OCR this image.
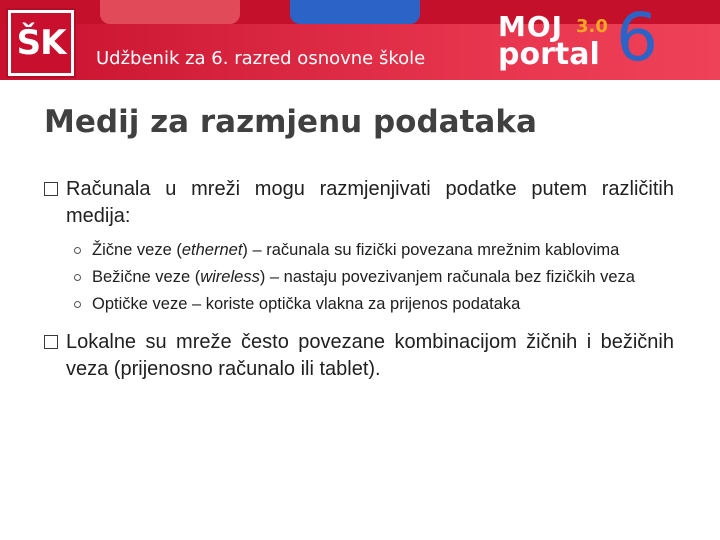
ŠK	Udžbenik za 6. razred osnovne škole
MOJ 3.0
portal 6
Medij za razmjenu podataka
Računala u mreži mogu razmjenjivati podatke putem različitih medija:
Žične veze (ethernet) – računala su fizički povezana mrežnim kablovima
Bežične veze (wireless) – nastaju povezivanjem računala bez fizičkih veza
Optičke veze – koriste optička vlakna za prijenos podataka
Lokalne su mreže često povezane kombinacijom žičnih i bežičnih veza (prijenosno računalo ili tablet).
